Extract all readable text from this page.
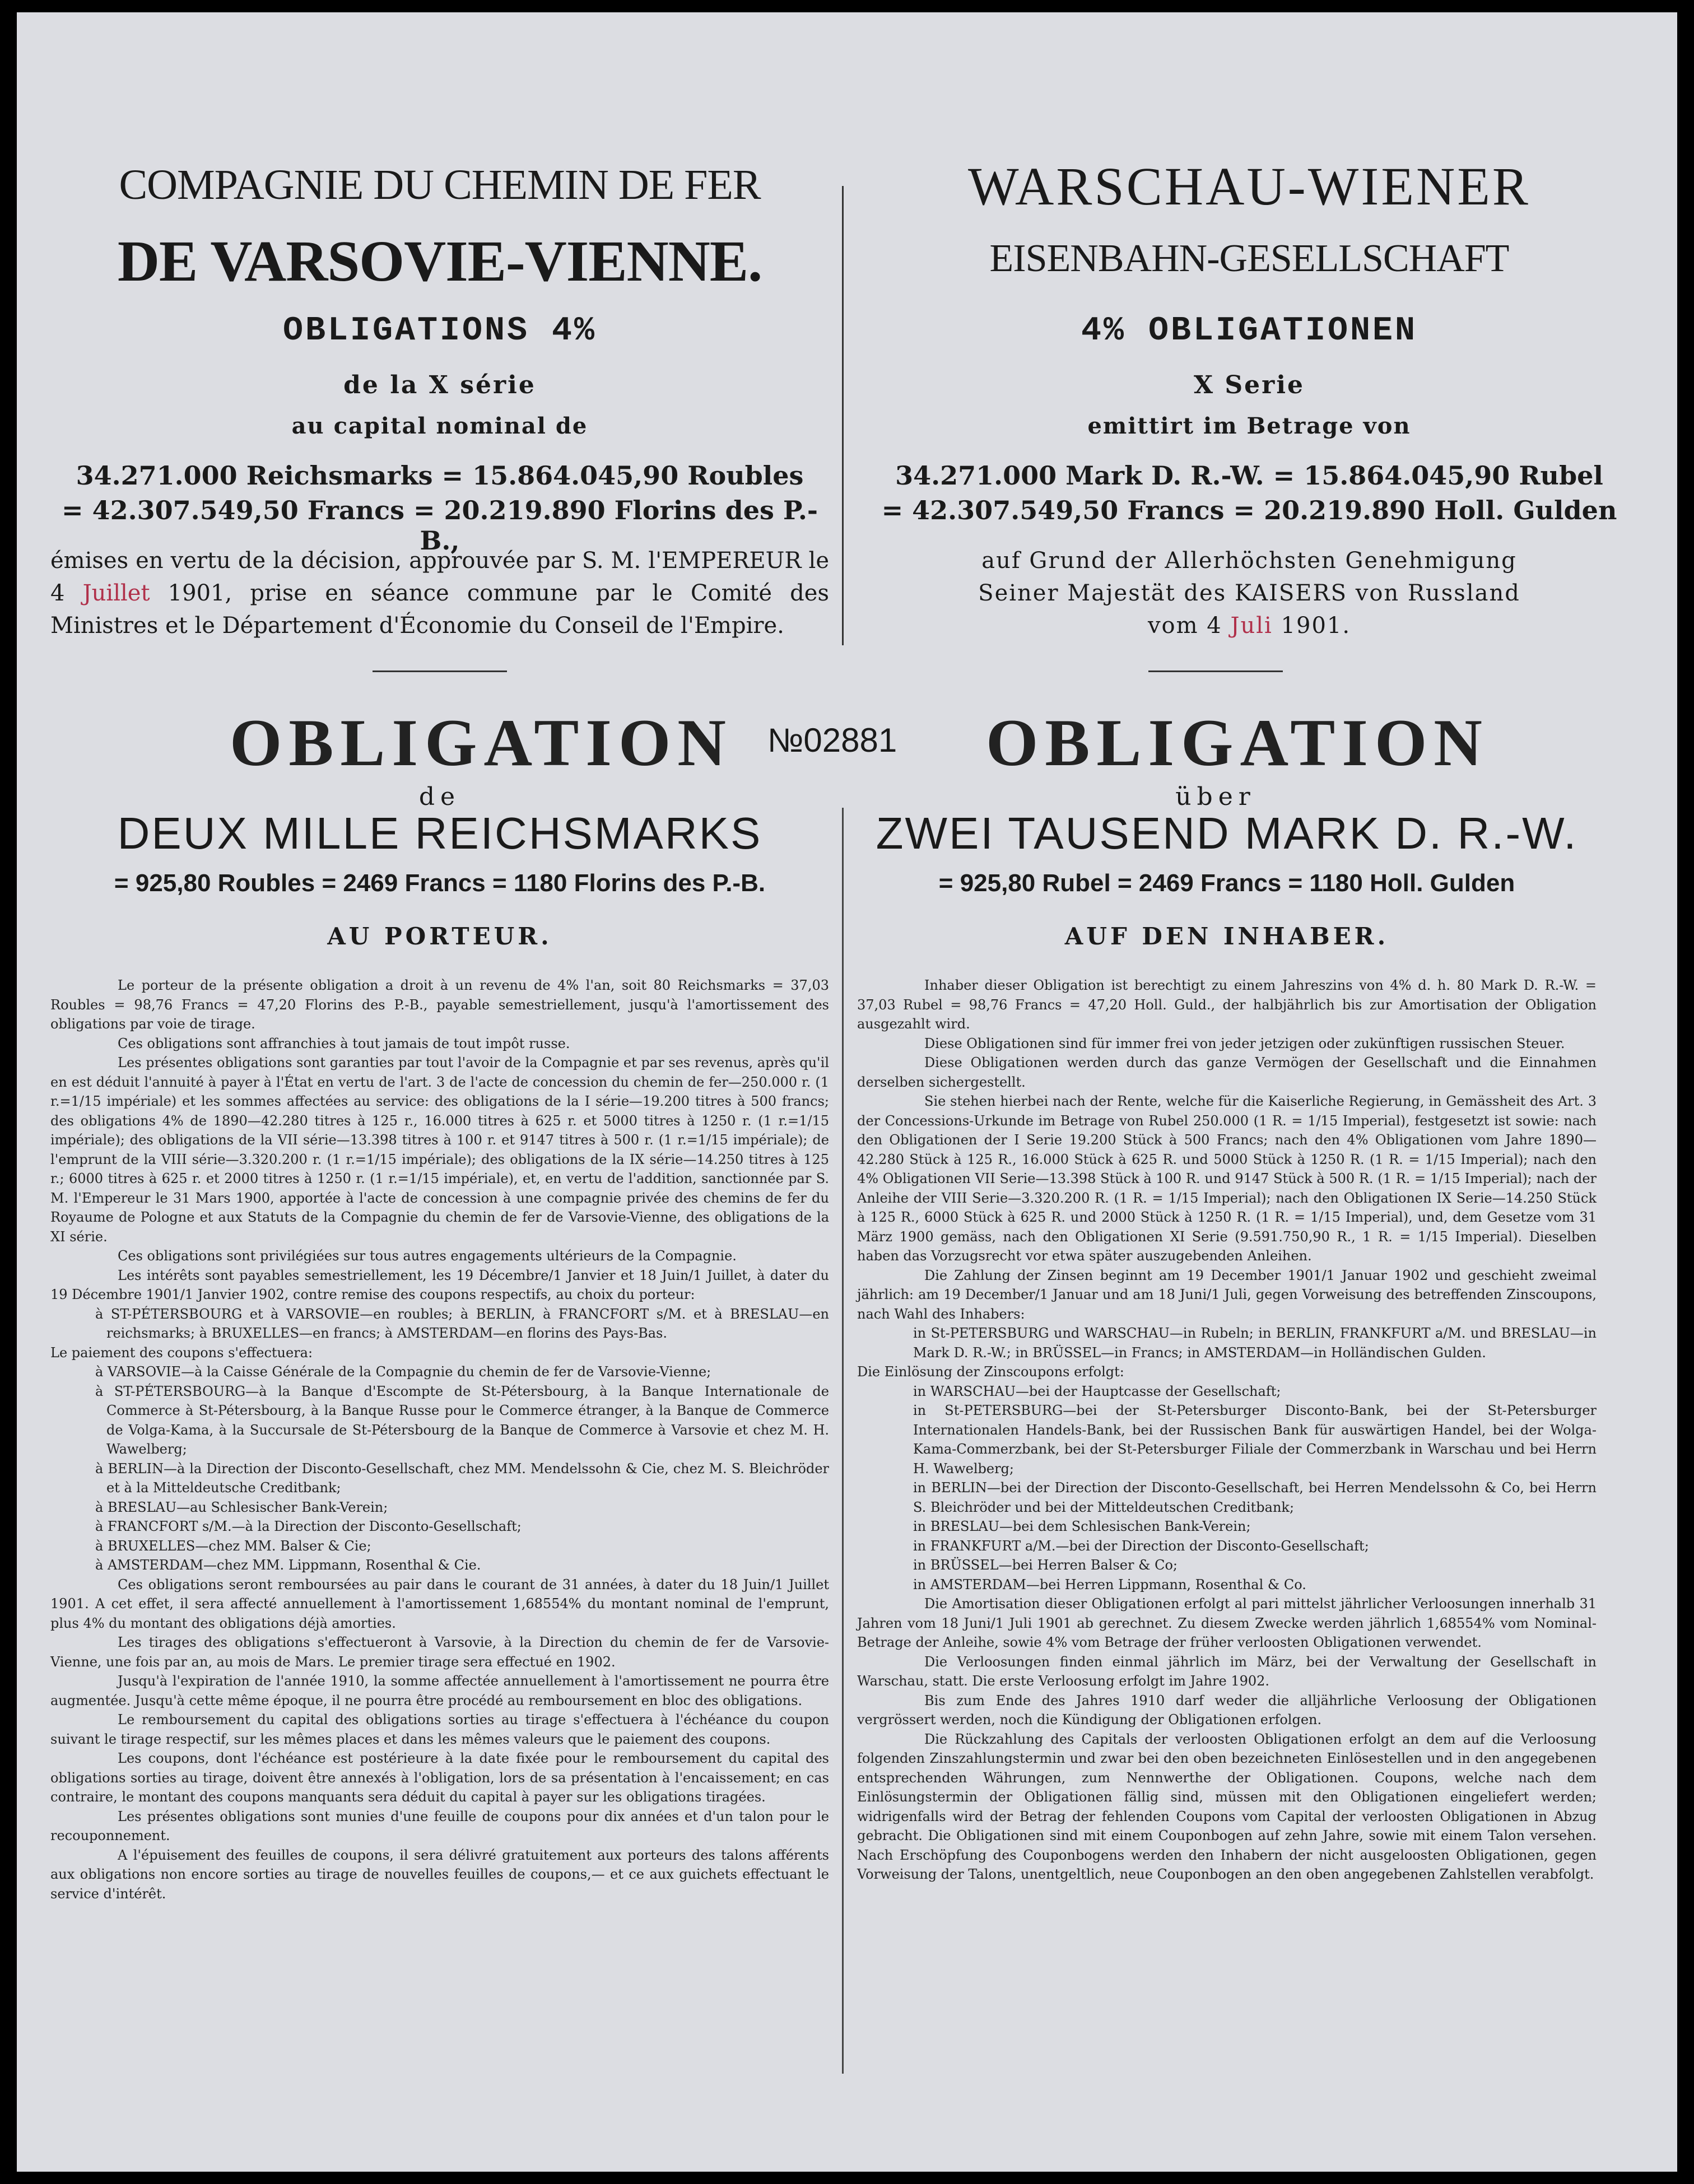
COMPAGNIE DU CHEMIN DE FER
DE VARSOVIE-VIENNE.
OBLIGATIONS 4%
de la X série
au capital nominal de
34.271.000 Reichsmarks = 15.864.045,90 Roubles
= 42.307.549,50 Francs = 20.219.890 Florins des P.-B.,
émises en vertu de la décision, approuvée par S. M. l'EMPEREUR le 4 Juillet 1901, prise en séance commune par le Comité des Ministres et le Département d'Économie du Conseil de l'Empire.
OBLIGATION
de
DEUX MILLE REICHSMARKS
= 925,80 Roubles = 2469 Francs = 1180 Florins des P.-B.
AU PORTEUR.

Le porteur de la présente obligation a droit à un revenu de 4% l'an, soit 80 Reichsmarks = 37,03 Roubles = 98,76 Francs = 47,20 Florins des P.-B., payable semestriellement, jusqu'à l'amortissement des obligations par voie de tirage.

Ces obligations sont affranchies à tout jamais de tout impôt russe.

Les présentes obligations sont garanties par tout l'avoir de la Compagnie et par ses revenus, après qu'il en est déduit l'annuité à payer à l'État en vertu de l'art. 3 de l'acte de concession du chemin de fer—250.000 r. (1 r.=1/15 impériale) et les sommes affectées au service: des obligations de la I série—19.200 titres à 500 francs; des obligations 4% de 1890—42.280 titres à 125 r., 16.000 titres à 625 r. et 5000 titres à 1250 r. (1 r.=1/15 impériale); des obligations de la VII série—13.398 titres à 100 r. et 9147 titres à 500 r. (1 r.=1/15 impériale); de l'emprunt de la VIII série—3.320.200 r. (1 r.=1/15 impériale); des obligations de la IX série—14.250 titres à 125 r.; 6000 titres à 625 r. et 2000 titres à 1250 r. (1 r.=1/15 impériale), et, en vertu de l'addition, sanctionnée par S. M. l'Empereur le 31 Mars 1900, apportée à l'acte de concession à une compagnie privée des chemins de fer du Royaume de Pologne et aux Statuts de la Compagnie du chemin de fer de Varsovie-Vienne, des obligations de la XI série.

Ces obligations sont privilégiées sur tous autres engagements ultérieurs de la Compagnie.

Les intérêts sont payables semestriellement, les 19 Décembre/1 Janvier et 18 Juin/1 Juillet, à dater du 19 Décembre 1901/1 Janvier 1902, contre remise des coupons respectifs, au choix du porteur:

à ST-PÉTERSBOURG et à VARSOVIE—en roubles; à BERLIN, à FRANCFORT s/M. et à BRESLAU—en reichsmarks; à BRUXELLES—en francs; à AMSTERDAM—en florins des Pays-Bas.

Le paiement des coupons s'effectuera:

à VARSOVIE—à la Caisse Générale de la Compagnie du chemin de fer de Varsovie-Vienne;

à ST-PÉTERSBOURG—à la Banque d'Escompte de St-Pétersbourg, à la Banque Internationale de Commerce à St-Pétersbourg, à la Banque Russe pour le Commerce étranger, à la Banque de Commerce de Volga-Kama, à la Succursale de St-Pétersbourg de la Banque de Commerce à Varsovie et chez M. H. Wawelberg;

à BERLIN—à la Direction der Disconto-Gesellschaft, chez MM. Mendelssohn & Cie, chez M. S. Bleichröder et à la Mitteldeutsche Creditbank;

à BRESLAU—au Schlesischer Bank-Verein;

à FRANCFORT s/M.—à la Direction der Disconto-Gesellschaft;

à BRUXELLES—chez MM. Balser & Cie;

à AMSTERDAM—chez MM. Lippmann, Rosenthal & Cie.

Ces obligations seront remboursées au pair dans le courant de 31 années, à dater du 18 Juin/1 Juillet 1901. A cet effet, il sera affecté annuellement à l'amortissement 1,68554% du montant nominal de l'emprunt, plus 4% du montant des obligations déjà amorties.

Les tirages des obligations s'effectueront à Varsovie, à la Direction du chemin de fer de Varsovie-Vienne, une fois par an, au mois de Mars. Le premier tirage sera effectué en 1902.

Jusqu'à l'expiration de l'année 1910, la somme affectée annuellement à l'amortissement ne pourra être augmentée. Jusqu'à cette même époque, il ne pourra être procédé au remboursement en bloc des obligations.

Le remboursement du capital des obligations sorties au tirage s'effectuera à l'échéance du coupon suivant le tirage respectif, sur les mêmes places et dans les mêmes valeurs que le paiement des coupons.

Les coupons, dont l'échéance est postérieure à la date fixée pour le remboursement du capital des obligations sorties au tirage, doivent être annexés à l'obligation, lors de sa présentation à l'encaissement; en cas contraire, le montant des coupons manquants sera déduit du capital à payer sur les obligations tiragées.

Les présentes obligations sont munies d'une feuille de coupons pour dix années et d'un talon pour le recouponnement.

A l'épuisement des feuilles de coupons, il sera délivré gratuitement aux porteurs des talons afférents aux obligations non encore sorties au tirage de nouvelles feuilles de coupons,— et ce aux guichets effectuant le service d'intérêt.

№02881
WARSCHAU-WIENER
EISENBAHN-GESELLSCHAFT
4% OBLIGATIONEN
X Serie
emittirt im Betrage von
34.271.000 Mark D. R.-W. = 15.864.045,90 Rubel
= 42.307.549,50 Francs = 20.219.890 Holl. Gulden
auf Grund der Allerhöchsten Genehmigung
Seiner Majestät des KAISERS von Russland
vom 4 Juli 1901.
OBLIGATION
über
ZWEI TAUSEND MARK D. R.-W.
= 925,80 Rubel = 2469 Francs = 1180 Holl. Gulden
AUF DEN INHABER.

Inhaber dieser Obligation ist berechtigt zu einem Jahreszins von 4% d. h. 80 Mark D. R.-W. = 37,03 Rubel = 98,76 Francs = 47,20 Holl. Guld., der halbjährlich bis zur Amortisation der Obligation ausgezahlt wird.

Diese Obligationen sind für immer frei von jeder jetzigen oder zukünftigen russischen Steuer.

Diese Obligationen werden durch das ganze Vermögen der Gesellschaft und die Einnahmen derselben sichergestellt.

Sie stehen hierbei nach der Rente, welche für die Kaiserliche Regierung, in Gemässheit des Art. 3 der Concessions-Urkunde im Betrage von Rubel 250.000 (1 R. = 1/15 Imperial), festgesetzt ist sowie: nach den Obligationen der I Serie 19.200 Stück à 500 Francs; nach den 4% Obligationen vom Jahre 1890—42.280 Stück à 125 R., 16.000 Stück à 625 R. und 5000 Stück à 1250 R. (1 R. = 1/15 Imperial); nach den 4% Obligationen VII Serie—13.398 Stück à 100 R. und 9147 Stück à 500 R. (1 R. = 1/15 Imperial); nach der Anleihe der VIII Serie—3.320.200 R. (1 R. = 1/15 Imperial); nach den Obligationen IX Serie—14.250 Stück à 125 R., 6000 Stück à 625 R. und 2000 Stück à 1250 R. (1 R. = 1/15 Imperial), und, dem Gesetze vom 31 März 1900 gemäss, nach den Obligationen XI Serie (9.591.750,90 R., 1 R. = 1/15 Imperial). Dieselben haben das Vorzugsrecht vor etwa später auszugebenden Anleihen.

Die Zahlung der Zinsen beginnt am 19 December 1901/1 Januar 1902 und geschieht zweimal jährlich: am 19 December/1 Januar und am 18 Juni/1 Juli, gegen Vorweisung des betreffenden Zinscoupons, nach Wahl des Inhabers:

in St-PETERSBURG und WARSCHAU—in Rubeln; in BERLIN, FRANKFURT a/M. und BRESLAU—in Mark D. R.-W.; in BRÜSSEL—in Francs; in AMSTERDAM—in Holländischen Gulden.

Die Einlösung der Zinscoupons erfolgt:

in WARSCHAU—bei der Hauptcasse der Gesellschaft;

in St-PETERSBURG—bei der St-Petersburger Disconto-Bank, bei der St-Petersburger Internationalen Handels-Bank, bei der Russischen Bank für auswärtigen Handel, bei der Wolga-Kama-Commerzbank, bei der St-Petersburger Filiale der Commerzbank in Warschau und bei Herrn H. Wawelberg;

in BERLIN—bei der Direction der Disconto-Gesellschaft, bei Herren Mendelssohn & Co, bei Herrn S. Bleichröder und bei der Mitteldeutschen Creditbank;

in BRESLAU—bei dem Schlesischen Bank-Verein;

in FRANKFURT a/M.—bei der Direction der Disconto-Gesellschaft;

in BRÜSSEL—bei Herren Balser & Co;

in AMSTERDAM—bei Herren Lippmann, Rosenthal & Co.

Die Amortisation dieser Obligationen erfolgt al pari mittelst jährlicher Verloosungen innerhalb 31 Jahren vom 18 Juni/1 Juli 1901 ab gerechnet. Zu diesem Zwecke werden jährlich 1,68554% vom Nominal-Betrage der Anleihe, sowie 4% vom Betrage der früher verloosten Obligationen verwendet.

Die Verloosungen finden einmal jährlich im März, bei der Verwaltung der Gesellschaft in Warschau, statt. Die erste Verloosung erfolgt im Jahre 1902.

Bis zum Ende des Jahres 1910 darf weder die alljährliche Verloosung der Obligationen vergrössert werden, noch die Kündigung der Obligationen erfolgen.

Die Rückzahlung des Capitals der verloosten Obligationen erfolgt an dem auf die Verloosung folgenden Zinszahlungstermin und zwar bei den oben bezeichneten Einlösestellen und in den angegebenen entsprechenden Währungen, zum Nennwerthe der Obligationen. Coupons, welche nach dem Einlösungstermin der Obligationen fällig sind, müssen mit den Obligationen eingeliefert werden; widrigenfalls wird der Betrag der fehlenden Coupons vom Capital der verloosten Obligationen in Abzug gebracht. Die Obligationen sind mit einem Couponbogen auf zehn Jahre, sowie mit einem Talon versehen. Nach Erschöpfung des Couponbogens werden den Inhabern der nicht ausgeloosten Obligationen, gegen Vorweisung der Talons, unentgeltlich, neue Couponbogen an den oben angegebenen Zahlstellen verabfolgt.
